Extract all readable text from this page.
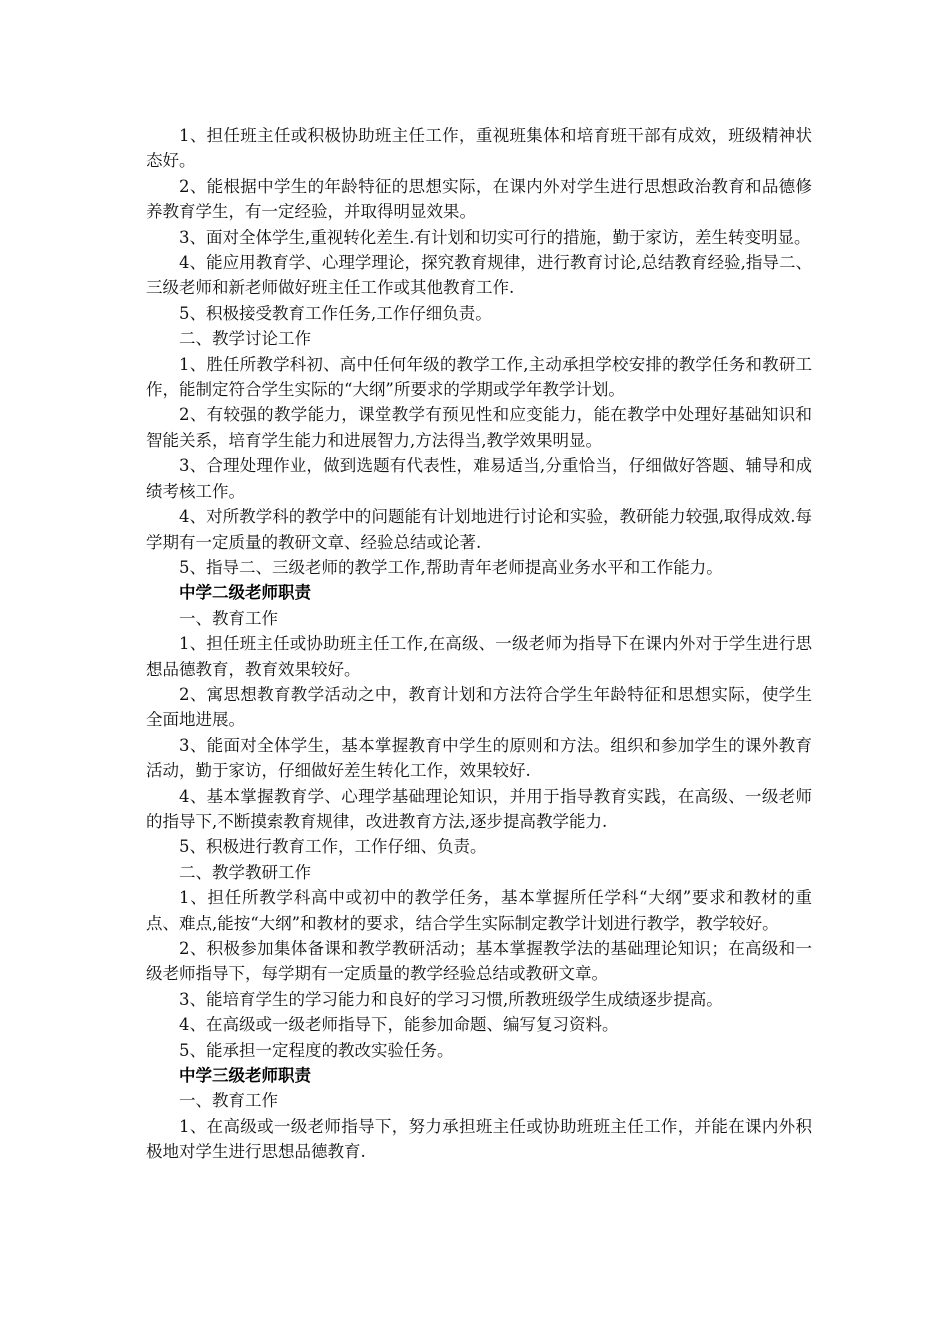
1、担任班主任或积极协助班主任工作，重视班集体和培育班干部有成效，班级精神状态好。

2、能根据中学生的年龄特征的思想实际，在课内外对学生进行思想政治教育和品德修养教育学生，有一定经验，并取得明显效果。

3、面对全体学生,重视转化差生.有计划和切实可行的措施，勤于家访，差生转变明显。

4、能应用教育学、心理学理论，探究教育规律，进行教育讨论,总结教育经验,指导二、三级老师和新老师做好班主任工作或其他教育工作.

5、积极接受教育工作任务,工作仔细负责。

二、教学讨论工作

1、胜任所教学科初、高中任何年级的教学工作,主动承担学校安排的教学任务和教研工作，能制定符合学生实际的“大纲”所要求的学期或学年教学计划。

2、有较强的教学能力，课堂教学有预见性和应变能力，能在教学中处理好基础知识和智能关系，培育学生能力和进展智力,方法得当,教学效果明显。

3、合理处理作业，做到选题有代表性，难易适当,分重恰当，仔细做好答题、辅导和成绩考核工作。

4、对所教学科的教学中的问题能有计划地进行讨论和实验，教研能力较强,取得成效.每学期有一定质量的教研文章、经验总结或论著.

5、指导二、三级老师的教学工作,帮助青年老师提高业务水平和工作能力。

中学二级老师职责

一、教育工作

1、担任班主任或协助班主任工作,在高级、一级老师为指导下在课内外对于学生进行思想品德教育，教育效果较好。

2、寓思想教育教学活动之中，教育计划和方法符合学生年龄特征和思想实际，使学生全面地进展。

3、能面对全体学生，基本掌握教育中学生的原则和方法。组织和参加学生的课外教育活动，勤于家访，仔细做好差生转化工作，效果较好.

4、基本掌握教育学、心理学基础理论知识，并用于指导教育实践，在高级、一级老师的指导下,不断摸索教育规律，改进教育方法,逐步提高教学能力.

5、积极进行教育工作，工作仔细、负责。

二、教学教研工作

1、担任所教学科高中或初中的教学任务，基本掌握所任学科“大纲”要求和教材的重点、难点,能按“大纲”和教材的要求，结合学生实际制定教学计划进行教学，教学较好。

2、积极参加集体备课和教学教研活动；基本掌握教学法的基础理论知识；在高级和一级老师指导下，每学期有一定质量的教学经验总结或教研文章。

3、能培育学生的学习能力和良好的学习习惯,所教班级学生成绩逐步提高。

4、在高级或一级老师指导下，能参加命题、编写复习资料。

5、能承担一定程度的教改实验任务。

中学三级老师职责

一、教育工作

1、在高级或一级老师指导下，努力承担班主任或协助班班主任工作，并能在课内外积极地对学生进行思想品德教育.
